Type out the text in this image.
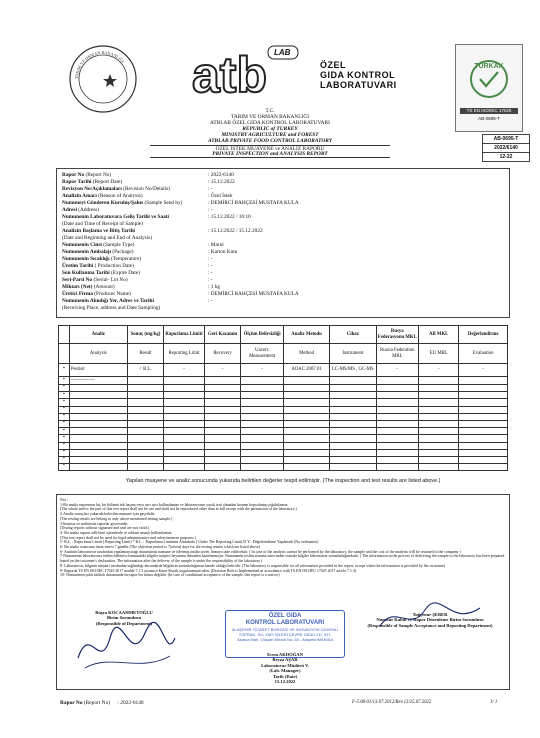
TARIM VE ORMAN BAKANLIĞI atb LAB
ÖZEL
GIDA KONTROL
LABORATUVARI
TÜRKAK
TS EN ISO/IEC 17025
AB-0695-T
T.C.
TARIM VE ORMAN BAKANLIĞI
ATBLAB ÖZEL GIDA KONTROL LABORATUVARI
REPUBLIC of TURKEY
MINISTRY AGRICULTURE and FOREST
ATBLAB PRIVATE FOOD CONTROL LABORATORY
ÖZEL İSTEK MUAYENE ve ANALİZ RAPORU
PRIVATE INSPECTION and ANALYSIS REPORT
AB-0695-T
2022/6140
12-22
Rapor No (Report No)	: 2022-6140
Rapor Tarihi (Report Date)	: 15.12.2022
Revizyon No/Açıklamaları (Revision No/Details)	: -
Analizin Amacı (Reason of Analysis)	: Özel İstek
Numuneyi Gönderen Kuruluş/Şahıs (Sample Send by)	: DEMİRCİ BAHÇESİ MUSTAFA KULA
Adresi (Address)	: -
Numunenin Laboratuvara Geliş Tarihi ve Saati	: 15.12.2022 / 16:10
(Date and Time of Receipt of Sample)
Analizin Başlama ve Bitiş Tarihi	: 15.12.2022 / 15.12.2022
(Date and Beginning and End of Analysis)
Numunenin Cinsi (Sample Type)	: Marul
Numunenin Ambalajı (Package)	: Karton Kutu
Numunenin Sıcaklığı (Temperature)	: -
Üretim Tarihi ( Production Date)	: -
Son Kullanma Tarihi (Expire Date)	: -
Seri-Parti No (Serial- Lot No)	: -
Miktarı (Net) (Amount)	: 1 kg
Üretici Firma (Producer Name)	: DEMİRCİ BAHÇESİ MUSTAFA KULA
Numunenin Alındığı Yer, Adres ve Tarihi	: -
(Receiving Place, address and Date Sampling)
	Analiz	Sonuç (mg/kg)	Raporlama Limiti	Geri Kazanım	Ölçüm Belirsizliği	Analiz Metodu	Cihaz	Rusya Federasyonu MKL	AB MKL	Değerlendirme
	Analysis	Result	Reporting Limit	Recovery	Uncert. Measurement	Method	Instrument	Russia Federation MRL	EU MRL	Evaluation
*	Pestisit	< R.L.	-	-	-	AOAC 2007.01	LC-MS/MS , GC-MS	-	-	-
*	---------------									
*										
*										
*										
*										
*										
*										
*										
*										
*										
*										
*										
*										
Yapılan muayene ve analiz sonucunda yukarıda belirtilen değerler tespit edilmiştir. (The inspection and test results are listed above.)
Not :
1-Bu analiz raporunun hiç bir bölümü tek başına veya ayrı ayrı kullanılamaz ve laboratuvarın yazılı izni olmadan kısmen kopyalanıp çoğaltılamaz.
(The whole and/or the part of this test report shall not be use and shall not be reproduced other than in full except with the permission of the laboratory.)
2-Analiz sonuçları yukarıda belirtilen numune için geçerlidir.
(The testing results are belong to only above mentioned testing sample.)
3-İmzasız ve mühürsüz raporlar geçersizdir.
(Testing reports without signature and seal are not valid.)
4- Bu analiz raporu adli-idari işlemlerde ve reklam amaçlı kullanılamaz.
(This test report shall not be used for legal-administrative and advertisement purposes.)
5- R.L. : Raporlama Limiti ( Reporting Limit) * R.L. : Raporlama Limitinin Altındadır ( Under The Reporting Limit) D.Y : Değerlendirme Yapılmadı (No evaluation)
6- Bu analiz sonucuna itiraz süresi 7 gündür (The objection period is 7(seven) days for the testing results which are listed above)
6- Analizin laboratuvar tarafından yapılamayacağı durumlarda numune ve ödenmiş analiz ücreti firmaya iade edilecektir. ( In case of the analysis cannot be performed by the laboratory, the sample and the cost of the analysis will be returned to the company )
7-Numunenin laboratuvara teslim edilmesi esnasındaki bilgiler müşteri beyanına istinaden hazırlanmıştır. Numunenin teslim alımına sürecinden sonraki bilgiler laboratuvar sorumluluğundadır. ( The information in the process of delivering the sample to the laboratory has been prepared based on the customer's declaration. The information after the delivery of the sample is under the responsibility of the laboratory.)
8- Laboratuvar, bilginin müşteri tarafından sağlandığı durumlarda bilgilerin sorumluluğunun kimde olduğu belirtilir. (The laboratory is responsible for all information provided in the report, except when the information is provided by the customer)
9- Raporda TS EN ISO/IEC 17025:2017 madde 7.1.3 uyarınca Karar Kuralı uygulanmayacaktır. (Decision Rule is Implemented in accordance with TS EN ISO/IEC 17025 2017 article 7.1.3)
10- Numunenin şahit kalıbılı durumunda bu rapor bir fatura değildir. (In case of conditional acceptance of the sample, this report is a waiver)
Büşra KOCAAHMETOĞLU
Birim Sorumlusu
(Responsible of Department)
Tuğçenur ŞEBER
Numune Kabul ve Rapor Düzenleme Birim Sorumlusu
(Responsible of Sample Acceptance and Reporting Department)
ÖZEL GIDA
KONTROL LABORATUVARI
ALAŞEHİR TİCARET BORSASI VE İNOVASYON GÜVENLİ
TOPRAK, SU, YAPI İŞLERİ ÇEVRE GIDA LTD. ŞTİ.
Akarca Mah. Otoyan Mevkii No: 54 - Alaşehir/MANİSA
Ecem AKDOĞAN
Beyza AŞAR
Laboratuvar Müdürü V.
(Lab. Manager)
Tarih (Date)
15.12.2022
Rapor No (Report No) : 2022-6140	F-5.08-01/13.07.2012/Rev.13/25.07.2022	1/ 1
